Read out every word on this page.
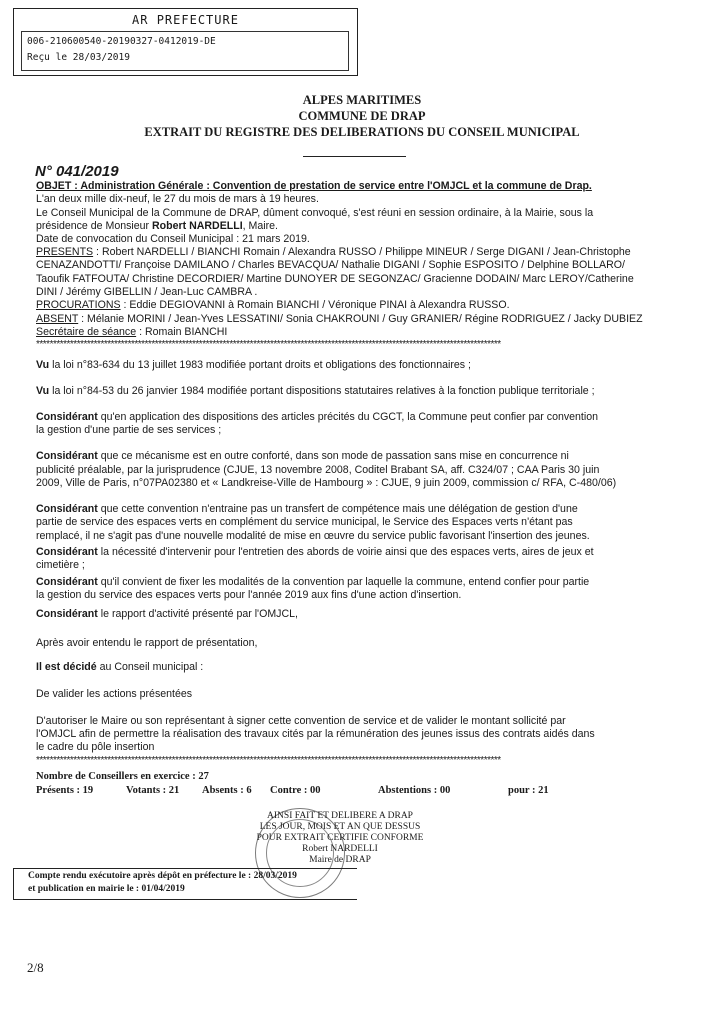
AR PREFECTURE
006-210600540-20190327-0412019-DE
Reçu le 28/03/2019
ALPES MARITIMES
COMMUNE DE DRAP
EXTRAIT DU REGISTRE DES DELIBERATIONS DU CONSEIL MUNICIPAL
N° 041/2019
OBJET : Administration Générale : Convention de prestation de service entre l'OMJCL et la commune de Drap.
L'an deux mille dix-neuf, le 27 du mois de mars à 19 heures.
Le Conseil Municipal de la Commune de DRAP, dûment convoqué, s'est réuni en session ordinaire, à la Mairie, sous la
présidence de Monsieur Robert NARDELLI, Maire.
Date de convocation du Conseil Municipal : 21 mars 2019.
PRESENTS : Robert NARDELLI / BIANCHI Romain / Alexandra RUSSO / Philippe MINEUR / Serge DIGANI / Jean-Christophe
CENAZANDOTTI/ Françoise DAMILANO / Charles BEVACQUA/ Nathalie DIGANI / Sophie ESPOSITO / Delphine BOLLARO/
Taoufik FATFOUTA/ Christine DECORDIER/ Martine DUNOYER DE SEGONZAC/ Gracienne DODAIN/ Marc LEROY/Catherine
DINI / Jérémy GIBELLIN / Jean-Luc CAMBRA .
PROCURATIONS : Eddie DEGIOVANNI à Romain BIANCHI / Véronique PINAI à Alexandra RUSSO.
ABSENT : Mélanie MORINI / Jean-Yves LESSATINI/ Sonia CHAKROUNI / Guy GRANIER/ Régine RODRIGUEZ / Jacky DUBIEZ
Secrétaire de séance : Romain BIANCHI
*****************************************************************************************************************************************
Vu la loi n°83-634 du 13 juillet 1983 modifiée portant droits et obligations des fonctionnaires ;
Vu la loi n°84-53 du 26 janvier 1984 modifiée portant dispositions statutaires relatives à la fonction publique territoriale ;
Considérant qu'en application des dispositions des articles précités du CGCT, la Commune peut confier par convention
la gestion d'une partie de ses services ;
Considérant que ce mécanisme est en outre conforté, dans son mode de passation sans mise en concurrence ni
publicité préalable, par la jurisprudence (CJUE, 13 novembre 2008, Coditel Brabant SA, aff. C324/07 ; CAA Paris 30 juin
2009, Ville de Paris, n°07PA02380 et « Landkreise-Ville de Hambourg » : CJUE, 9 juin 2009, commission c/ RFA, C-480/06)
Considérant que cette convention n'entraine pas un transfert de compétence mais une délégation de gestion d'une
partie de service des espaces verts en complément du service municipal, le Service des Espaces verts n'étant pas
remplacé, il ne s'agit pas d'une nouvelle modalité de mise en œuvre du service public favorisant l'insertion des jeunes.
Considérant la nécessité d'intervenir pour l'entretien des abords de voirie ainsi que des espaces verts, aires de jeux et
cimetière ;
Considérant qu'il convient de fixer les modalités de la convention par laquelle la commune, entend confier pour partie
la gestion du service des espaces verts pour l'année 2019 aux fins d'une action d'insertion.
Considérant le rapport d'activité présenté par l'OMJCL,
Après avoir entendu le rapport de présentation,
Il est décidé au Conseil municipal :
De valider les actions présentées
D'autoriser le Maire ou son représentant à signer cette convention de service et de valider le montant sollicité par
l'OMJCL afin de permettre la réalisation des travaux cités par la rémunération des jeunes issus des contrats aidés dans
le cadre du pôle insertion
*****************************************************************************************************************************************
Nombre de Conseillers en exercice : 27
Présents : 19	Votants : 21 Absents : 6 Contre : 00	Abstentions : 00	pour : 21
AINSI FAIT ET DELIBERE A DRAP
LES JOUR, MOIS ET AN QUE DESSUS
POUR EXTRAIT CERTIFIE CONFORME
Robert NARDELLI
Maire de DRAP
Compte rendu exécutoire après dépôt en préfecture le : 28/03/2019
et publication en mairie le : 01/04/2019
2/8
